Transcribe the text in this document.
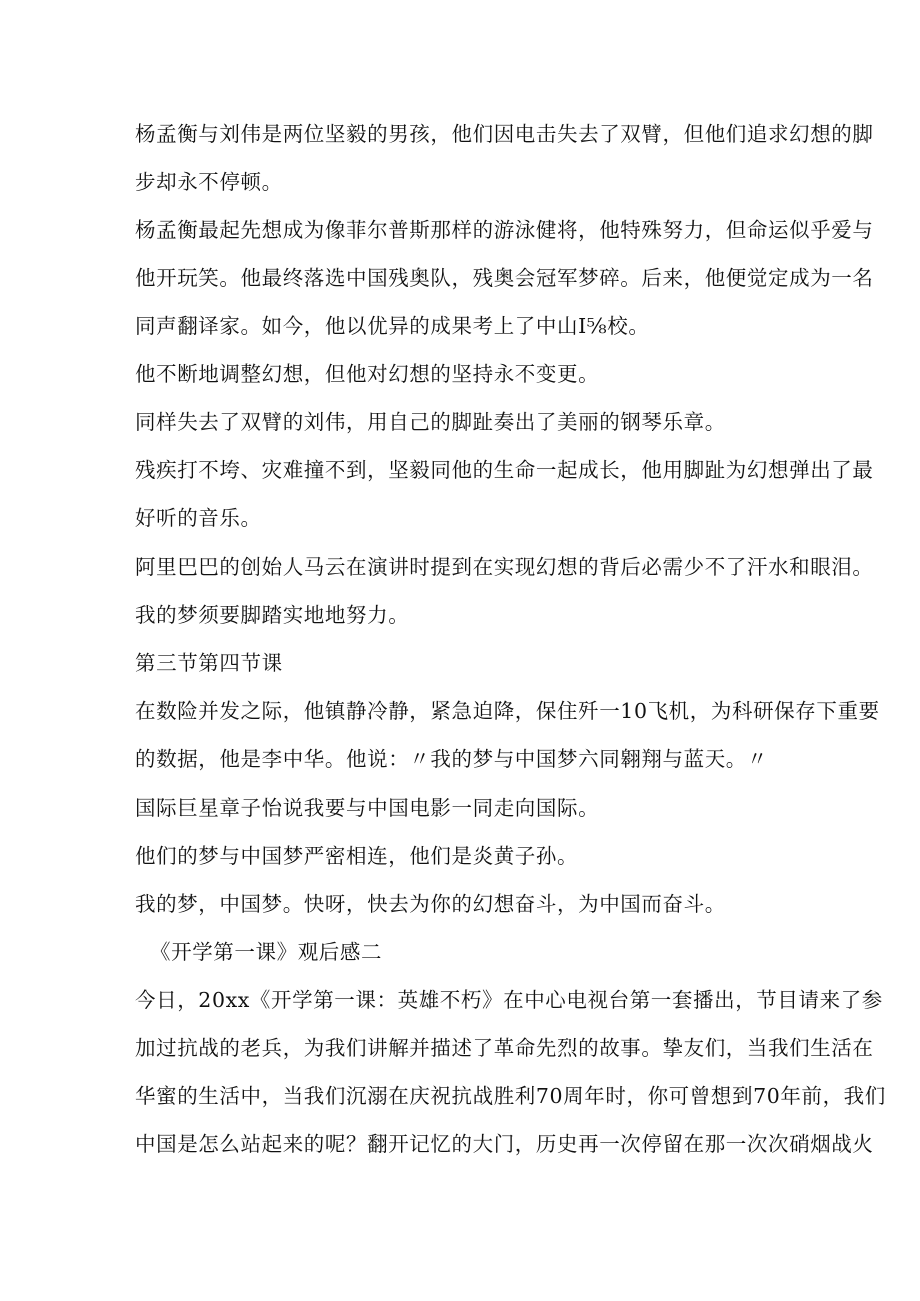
杨孟衡与刘伟是两位坚毅的男孩，他们因电击失去了双臂，但他们追求幻想的脚
步却永不停顿。
杨孟衡最起先想成为像菲尔普斯那样的游泳健将，他特殊努力，但命运似乎爱与
他开玩笑。他最终落选中国残奥队，残奥会冠军梦碎。后来，他便觉定成为一名
同声翻译家。如今，他以优异的成果考上了中山I⅝校。
他不断地调整幻想，但他对幻想的坚持永不变更。
同样失去了双臂的刘伟，用自己的脚趾奏出了美丽的钢琴乐章。
残疾打不垮、灾难撞不到，坚毅同他的生命一起成长，他用脚趾为幻想弹出了最
好听的音乐。
阿里巴巴的创始人马云在演讲时提到在实现幻想的背后必需少不了汗水和眼泪。
我的梦须要脚踏实地地努力。
第三节第四节课
在数险并发之际，他镇静冷静，紧急迫降，保住歼一10飞机，为科研保存下重要
的数据，他是李中华。他说：〃我的梦与中国梦六同翱翔与蓝天。〃
国际巨星章子怡说我要与中国电影一同走向国际。
他们的梦与中国梦严密相连，他们是炎黄子孙。
我的梦，中国梦。快呀，快去为你的幻想奋斗，为中国而奋斗。
《开学第一课》观后感二
今日，20xx《开学第一课：英雄不朽》在中心电视台第一套播出，节目请来了参
加过抗战的老兵，为我们讲解并描述了革命先烈的故事。挚友们，当我们生活在
华蜜的生活中，当我们沉溺在庆祝抗战胜利70周年时，你可曾想到70年前，我们
中国是怎么站起来的呢？翻开记忆的大门，历史再一次停留在那一次次硝烟战火
